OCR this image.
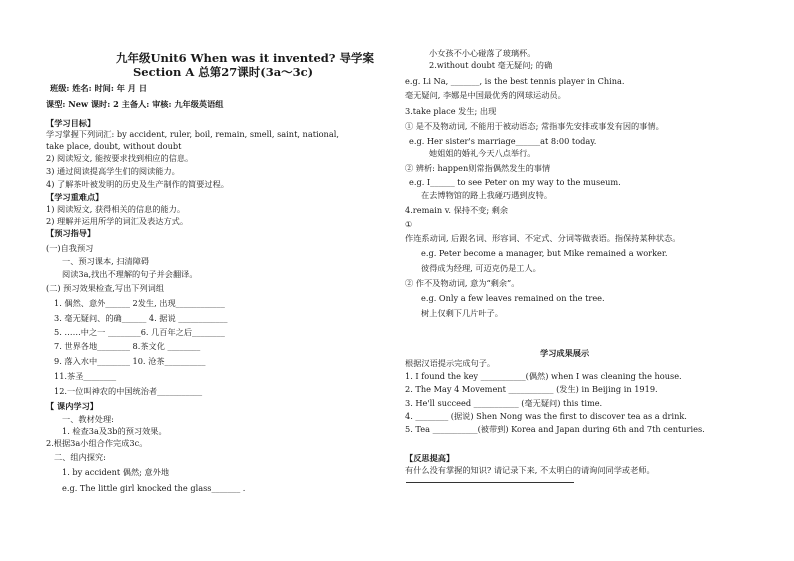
九年级Unit6 When was it invented? 导学案
Section A 总第27课时(3a～3c)
班级: 姓名: 时间: 年 月 日
课型: New 课时: 2 主备人: 审核: 九年级英语组
【学习目标】
学习掌握下列词汇: by accident, ruler, boil, remain, smell, saint, national,
take place, doubt, without doubt
2) 阅读短文, 能按要求找到相应的信息。
3) 通过阅读提高学生们的阅读能力。
4) 了解茶叶被发明的历史及生产制作的简要过程。
【学习重难点】
1) 阅读短文, 获得相关的信息的能力。
2) 理解并运用所学的词汇及表达方式。
【预习指导】
(一)自我预习
一、预习课本, 扫清障碍
阅读3a,找出不理解的句子并会翻译。
(二) 预习效果检查,写出下列词组
1. 偶然、意外______ 2发生, 出现____________
3. 毫无疑问、的确______ 4. 据说 ____________
5. ……中之一 ________6. 几百年之后________
7. 世界各地________ 8.茶文化 ________
9. 落入水中________ 10. 沧茶__________
11.茶圣________
12.一位叫神农的中国统治者___________
【 课内学习】
一、教材处理:
1. 检查3a及3b的预习效果。
2.根据3a小组合作完成3c。
二、组内探究:
1. by accident 偶然; 意外地
e.g. The little girl knocked the glass_______ .
小女孩不小心碰落了玻璃杯。
2.without doubt 毫无疑问; 的确
e.g. Li Na, _______, is the best tennis player in China.
毫无疑问, 李娜是中国最优秀的网球运动员。
3.take place 发生; 出现
① 是不及物动词, 不能用于被动语态; 常指事先安排或事发有因的事情。
e.g. Her sister's marriage______at 8:00 today.
她姐姐的婚礼今天八点举行。
② 辨析: happen则常指偶然发生的事情
e.g. I______ to see Peter on my way to the museum.
在去博物馆的路上我碰巧遇到皮特。
4.remain v. 保持不变; 剩余
①
作连系动词, 后跟名词、形容词、不定式、分词等做表语。指保持某种状态。
e.g. Peter become a manager, but Mike remained a worker.
彼得成为经理, 可迈克仍是工人。
② 作不及物动词, 意为“剩余”。
e.g. Only a few leaves remained on the tree.
树上仅剩下几片叶子。
学习成果展示
根据汉语提示完成句子。
1. I found the key ___________(偶然) when I was cleaning the house.
2. The May 4 Movement ___________ (发生) in Beijing in 1919.
3. He'll succeed ___________ (毫无疑问) this time.
4. ________ (据说) Shen Nong was the first to discover tea as a drink.
5. Tea ___________(被带到) Korea and Japan during 6th and 7th centuries.
【反思提高】
有什么没有掌握的知识? 请记录下来, 不太明白的请询问同学或老师。
